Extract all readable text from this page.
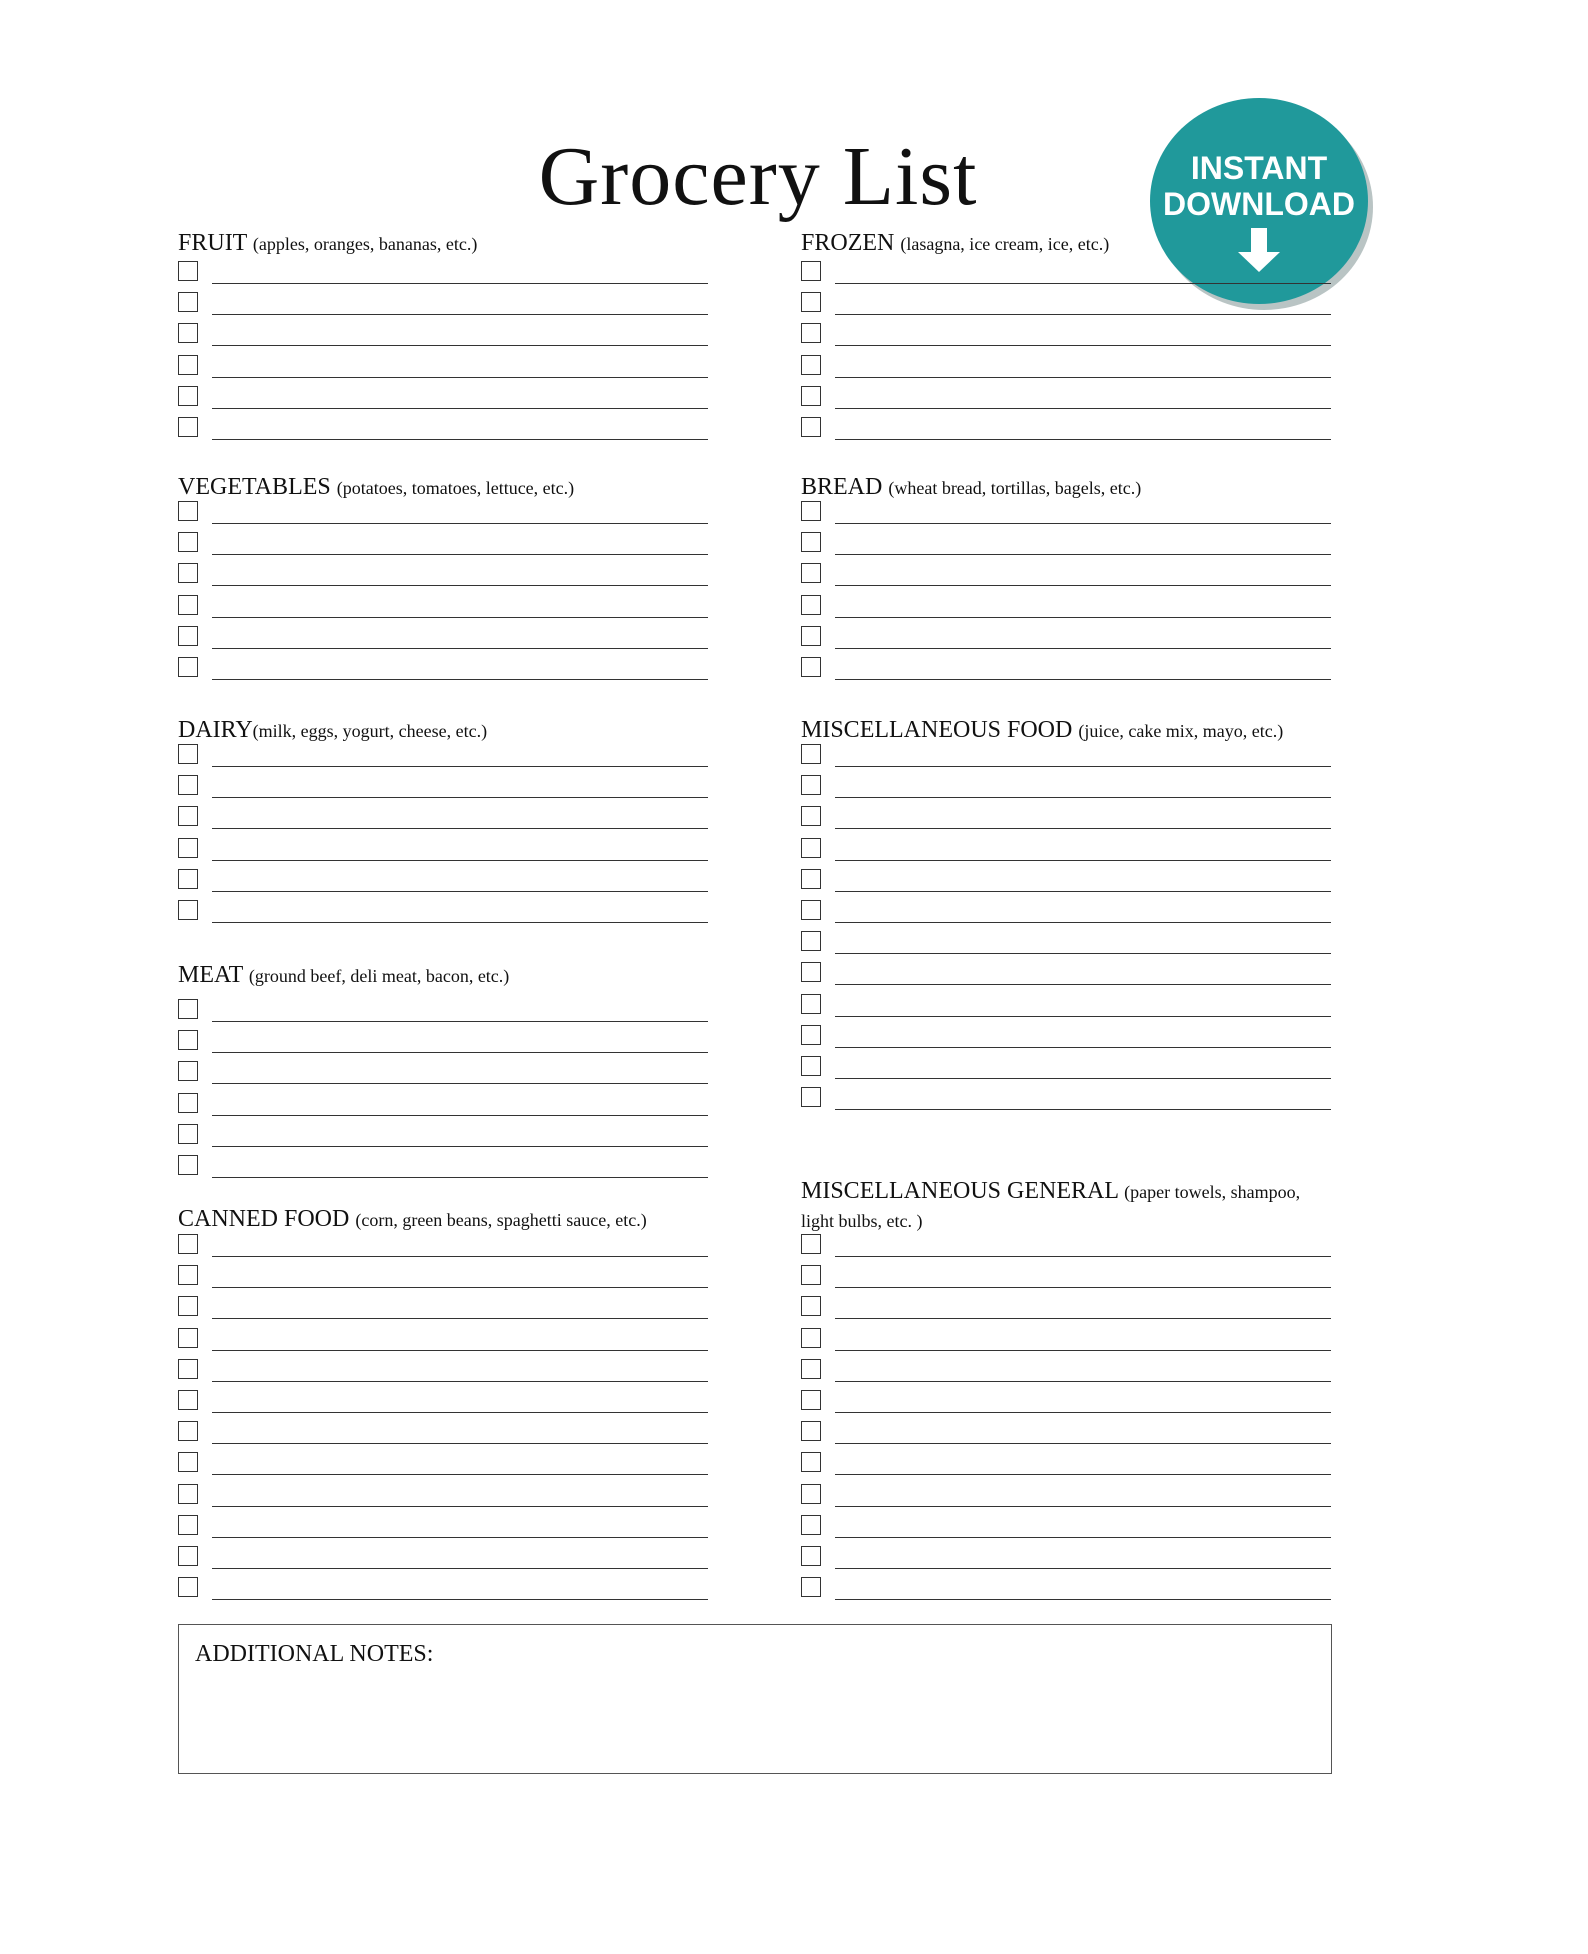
Grocery List	INSTANT
DOWNLOAD
FRUIT (apples, oranges, bananas, etc.)	FROZEN (lasagna, ice cream, ice, etc.)
VEGETABLES (potatoes, tomatoes, lettuce, etc.)	BREAD (wheat bread, tortillas, bagels, etc.)
DAIRY(milk, eggs, yogurt, cheese, etc.)	MISCELLANEOUS FOOD (juice, cake mix, mayo, etc.)
MEAT (ground beef, deli meat, bacon, etc.)
MISCELLANEOUS GENERAL (paper towels, shampoo, light bulbs, etc. )
CANNED FOOD (corn, green beans, spaghetti sauce, etc.)
ADDITIONAL NOTES:
